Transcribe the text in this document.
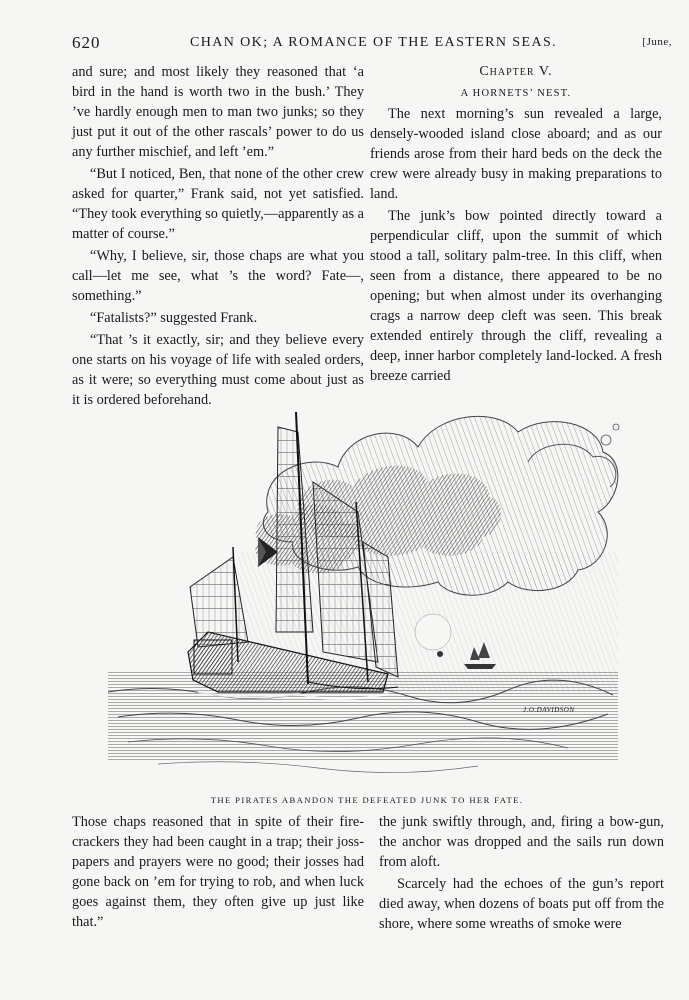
620	CHAN OK; A ROMANCE OF THE EASTERN SEAS.	[June,

and sure; and most likely they reasoned that ‘a bird in the hand is worth two in the bush.’ They ’ve hardly enough men to man two junks; so they just put it out of the other rascals’ power to do us any further mischief, and left ’em.”

“But I noticed, Ben, that none of the other crew asked for quarter,” Frank said, not yet satisfied. “They took everything so quietly,—apparently as a matter of course.”

“Why, I believe, sir, those chaps are what you call—let me see, what ’s the word? Fate—, something.”

“Fatalists?” suggested Frank.

“That ’s it exactly, sir; and they believe every one starts on his voyage of life with sealed orders, as it were; so everything must come about just as it is ordered beforehand.

Chapter V.

A HORNETS’ NEST.

The next morning’s sun revealed a large, densely-wooded island close aboard; and as our friends arose from their hard beds on the deck the crew were already busy in making preparations to land.

The junk’s bow pointed directly toward a perpendicular cliff, upon the summit of which stood a tall, solitary palm-tree. In this cliff, when seen from a distance, there appeared to be no opening; but when almost under its overhanging crags a narrow deep cleft was seen. This break extended entirely through the cliff, revealing a deep, inner harbor completely land-locked. A fresh breeze carried

J.O.DAVIDSON
THE PIRATES ABANDON THE DEFEATED JUNK TO HER FATE.

Those chaps reasoned that in spite of their fire-crackers they had been caught in a trap; their joss-papers and prayers were no good; their josses had gone back on ’em for trying to rob, and when luck goes against them, they often give up just like that.”

the junk swiftly through, and, firing a bow-gun, the anchor was dropped and the sails run down from aloft.

Scarcely had the echoes of the gun’s report died away, when dozens of boats put off from the shore, where some wreaths of smoke were
